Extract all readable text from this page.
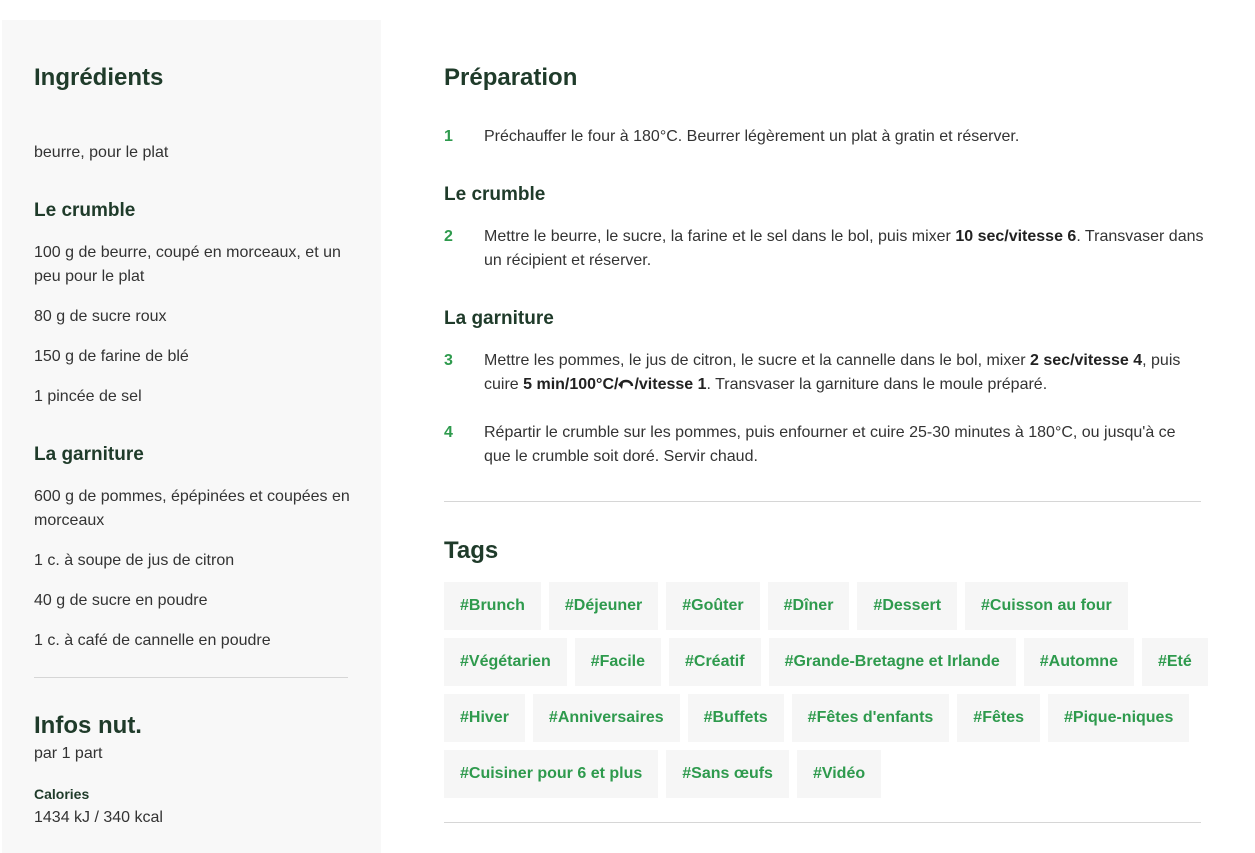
Ingrédients
beurre, pour le plat
Le crumble
100 g de beurre, coupé en morceaux, et un peu pour le plat
80 g de sucre roux
150 g de farine de blé
1 pincée de sel
La garniture
600 g de pommes, épépinées et coupées en morceaux
1 c. à soupe de jus de citron
40 g de sucre en poudre
1 c. à café de cannelle en poudre
Infos nut.
par 1 part
Calories
1434 kJ / 340 kcal
Préparation
1	Préchauffer le four à 180°C. Beurrer légèrement un plat à gratin et réserver.
Le crumble
2	Mettre le beurre, le sucre, la farine et le sel dans le bol, puis mixer 10 sec/vitesse 6. Transvaser dans un récipient et réserver.
La garniture
3	Mettre les pommes, le jus de citron, le sucre et la cannelle dans le bol, mixer 2 sec/vitesse 4, puis cuire 5 min/100°C/ /vitesse 1. Transvaser la garniture dans le moule préparé.
4	Répartir le crumble sur les pommes, puis enfourner et cuire 25-30 minutes à 180°C, ou jusqu'à ce que le crumble soit doré. Servir chaud.
Tags
#Brunch	#Déjeuner	#Goûter	#Dîner	#Dessert	#Cuisson au four
#Végétarien	#Facile	#Créatif	#Grande-Bretagne et Irlande	#Automne	#Eté
#Hiver	#Anniversaires	#Buffets	#Fêtes d'enfants	#Fêtes	#Pique-niques
#Cuisiner pour 6 et plus	#Sans œufs	#Vidéo
